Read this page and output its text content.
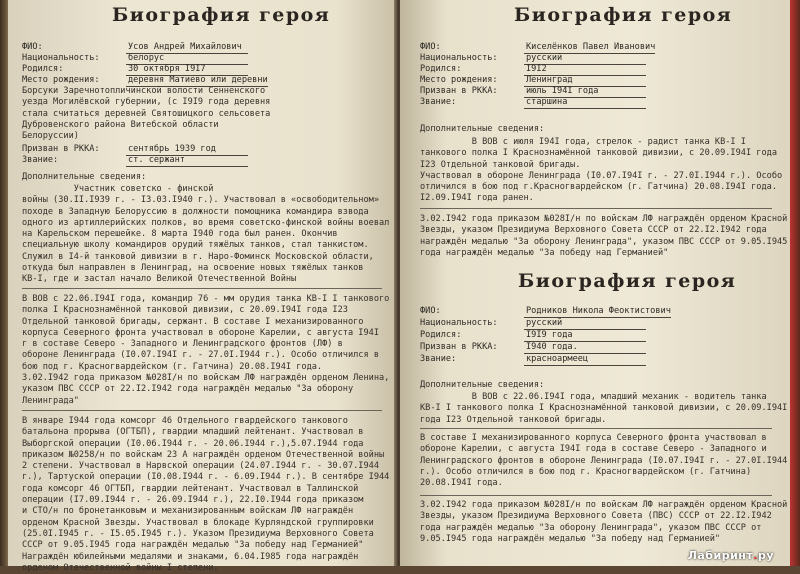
Биография героя
ФИО:	Усов Андрей Михайлович
Национальность:	белорус
Родился:	30 октября I9I7
Место рождения:	деревня Матиево или деревни
Борсуки Заречнотопличинской волости Сенненского
уезда Могилёвской губернии, (с I9I9 года деревня
стала считаться деревней Святошицкого сельсовета
Дубровенского района Витебской области
Белоруссии)
Призван в РККА:	сентябрь 1939 год
Звание:	ст. сержант
Дополнительные сведения:
Участник советско - финской
войны (30.II.I939 г. - I3.03.I940 г.). Участвовал в «освободительном»
походе в Западную Белоруссию в должности помощника командира взвода
одного из артиллерийских полков, во время советско-финской войны воевал
на Карельском перешейке. 8 марта I940 года был ранен. Окончив
специальную школу командиров орудий тяжёлых танков, стал танкистом.
Служил в I4-й танковой дивизии в г. Наро-Фоминск Московской области,
откуда был направлен в Ленинград, на освоение новых тяжёлых танков
КВ-I, где и застал начало Великой Отечественной Войны
В ВОВ с 22.06.I94I года, командир 76 - мм орудия танка КВ-I I танкового
полка I Краснознамённой танковой дивизии, с 20.09.I94I года I23
Отдельной танковой бригады, сержант. В составе I механизированного
корпуса Северного фронта участвовал в обороне Карелии, с августа I94I
г в составе Северо - Западного и Ленинградского фронтов (ЛФ) в
обороне Ленинграда (I0.07.I94I г. - 27.0I.I944 г.). Особо отличился в
бою под г. Красногвардейском (г. Гатчина) 20.08.I94I года.
3.02.I942 года приказом №028I/н по войскам ЛФ награждён орденом Ленина,
указом ПВС СССР от 22.I2.I942 года награждён медалью "За оборону
Ленинграда"
В январе I944 года комсорг 46 Отдельного гвардейского танкового
батальона прорыва (ОГТБП), гвардии младший лейтенант. Участвовал в
Выборгской операции (I0.06.I944 г. - 20.06.I944 г.),5.07.I944 года
приказом №0258/н по войскам 23 А награждён орденом Отечественной войны
2 степени. Участвовал в Нарвской операции (24.07.I944 г. - 30.07.I944
г.), Тартуской операции (I0.08.I944 г. - 6.09.I944 г.). В сентябре I944
года комсорг 46 ОГТБП, гвардии лейтенант. Участвовал в Таллинской
операции (I7.09.I944 г. - 26.09.I944 г.), 22.I0.I944 года приказом
и СТО/н по бронетанковым и механизированным войскам ЛФ награждён
орденом Красной Звезды. Участвовал в блокаде Курляндской группировки
(25.0I.I945 г. - I5.05.I945 г.). Указом Президиума Верховного Совета
СССР от 9.05.I945 года награждён медалью "За победу над Германией"
Награждён юбилейными медалями и знаками, 6.04.I985 года награждён
орденом Отечественной войны I степени.
Биография героя
ФИО:	Киселёнков Павел Иванович
Национальность:	русский
Родился:	I9I2
Место рождения:	Ленинград
Призван в РККА:	июль I94I года
Звание:	старшина
Дополнительные сведения:
В ВОВ с июля I94I года, стрелок - радист танка КВ-I I
танкового полка I Краснознамённой танковой дивизии, с 20.09.I94I года
I23 Отдельной танковой бригады.
Участвовал в обороне Ленинграда (I0.07.I94I г. - 27.0I.I944 г.). Особо
отличился в бою под г.Красногвардейском (г. Гатчина) 20.08.I94I года.
I2.09.I94I года ранен.
3.02.I942 года приказом №028I/н по войскам ЛФ награждён орденом Красной
Звезды, указом Президиума Верховного Совета СССР от 22.I2.I942 года
награждён медалью "За оборону Ленинграда", указом ПВС СССР от 9.05.I945
года награждён медалью "За победу над Германией"
Биография героя
ФИО:	Родников Никола Феоктистович
Национальность:	русский
Родился:	I9I9 года
Призван в РККА:	I940 года.
Звание:	красноармеец
Дополнительные сведения:
В ВОВ с 22.06.I94I года, младший механик - водитель танка
КВ-I I танкового полка I Краснознамённой танковой дивизии, с 20.09.I94I
года I23 Отдельной танковой бригады.
В составе I механизированного корпуса Северного фронта участвовал в
обороне Карелии, с августа I94I года в составе Северо - Западного и
Ленинградского фронтов в обороне Ленинграда (I0.07.I94I г. - 27.0I.I944
г.). Особо отличился в бою под г. Красногвардейском (г. Гатчина)
20.08.I94I года.
3.02.I942 года приказом №028I/н по войскам ЛФ награждён орденом Красной
Звезды, указом Президиума Верховного Совета (ПВС) СССР от 22.I2.I942
года награждён медалью "За оборону Ленинграда", указом ПВС СССР от
9.05.I945 года награждён медалью "За победу над Германией"
Лабиринт.ру
